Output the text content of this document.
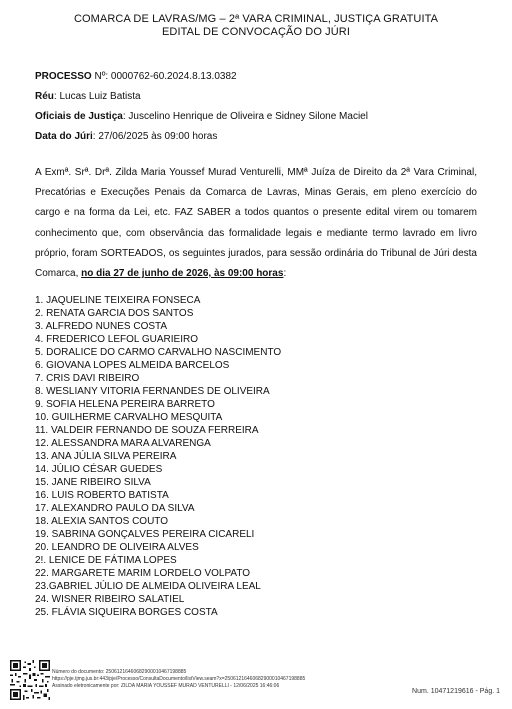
COMARCA DE LAVRAS/MG – 2ª VARA CRIMINAL, JUSTIÇA GRATUITA
EDITAL DE CONVOCAÇÃO DO JÚRI
PROCESSO Nº: 0000762-60.2024.8.13.0382
Réu: Lucas Luiz Batista
Oficiais de Justiça: Juscelino Henrique de Oliveira e Sidney Silone Maciel
Data do Júri: 27/06/2025 às 09:00 horas
A Exmª. Srª. Drª. Zilda Maria Youssef Murad Venturelli, MMª Juíza de Direito da 2ª Vara Criminal, Precatórias e Execuções Penais da Comarca de Lavras, Minas Gerais, em pleno exercício do cargo e na forma da Lei, etc. FAZ SABER a todos quantos o presente edital virem ou tomarem conhecimento que, com observância das formalidade legais e mediante termo lavrado em livro próprio, foram SORTEADOS, os seguintes jurados, para sessão ordinária do Tribunal de Júri desta Comarca, no dia 27 de junho de 2026, às 09:00 horas:
1. JAQUELINE TEIXEIRA FONSECA
2. RENATA GARCIA DOS SANTOS
3. ALFREDO NUNES COSTA
4. FREDERICO LEFOL GUARIEIRO
5. DORALICE DO CARMO CARVALHO NASCIMENTO
6. GIOVANA LOPES ALMEIDA BARCELOS
7. CRIS DAVI RIBEIRO
8. WESLIANY VITORIA FERNANDES DE OLIVEIRA
9. SOFIA HELENA PEREIRA BARRETO
10. GUILHERME CARVALHO MESQUITA
11. VALDEIR FERNANDO DE SOUZA FERREIRA
12. ALESSANDRA MARA ALVARENGA
13. ANA JÚLIA SILVA PEREIRA
14. JÚLIO CÉSAR GUEDES
15. JANE RIBEIRO SILVA
16. LUIS ROBERTO BATISTA
17. ALEXANDRO PAULO DA SILVA
18. ALEXIA SANTOS COUTO
19. SABRINA GONÇALVES PEREIRA CICARELI
20. LEANDRO DE OLIVEIRA ALVES
2!. LENICE DE FÁTIMA LOPES
22. MARGARETE MARIM LORDELO VOLPATO
23.GABRIEL JÚLIO DE ALMEIDA OLIVEIRA LEAL
24. WISNER RIBEIRO SALATIEL
25. FLÁVIA SIQUEIRA BORGES COSTA
Número do documento: 25061216460682900010467198885
https://pje.tjmg.jus.br:443/pje/Processo/ConsultaDocumento/listView.seam?x=25061216460682900010467198885
Assinado eletronicamente por: ZILDA MARIA YOUSSEF MURAD VENTURELLI - 12/06/2025 16:46:06
Num. 10471219616 - Pág. 1
